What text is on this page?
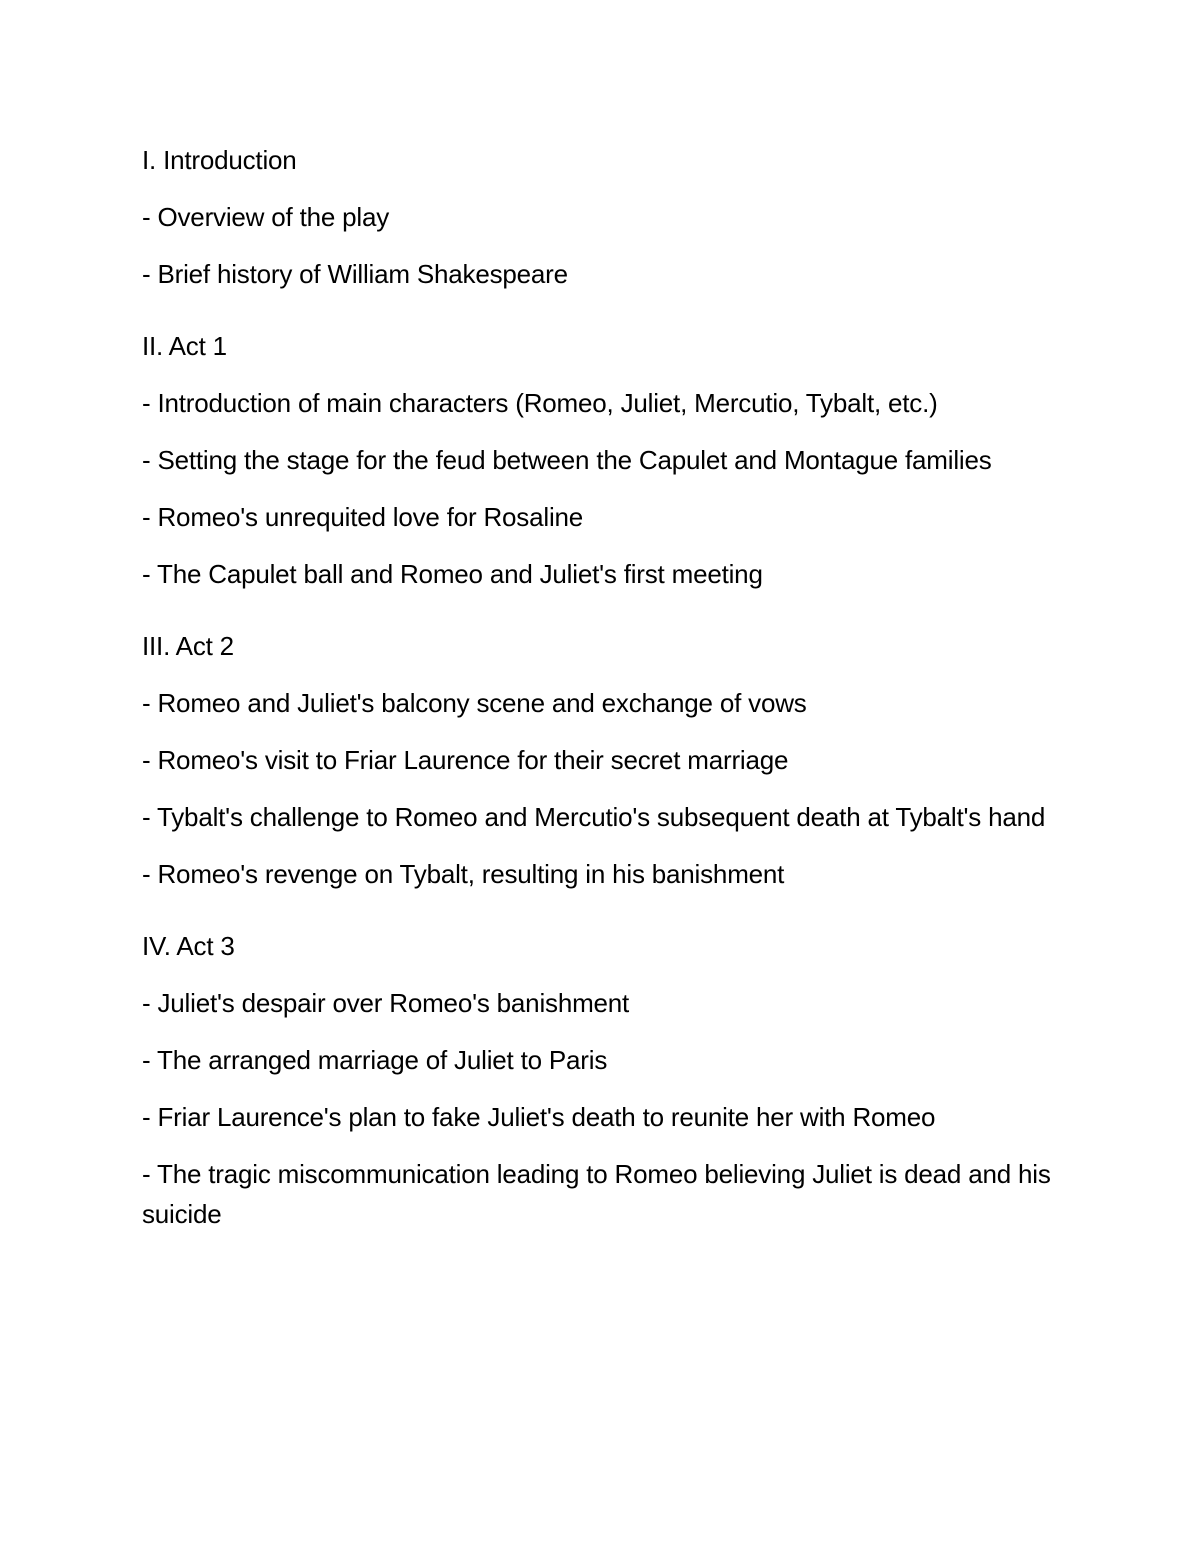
I. Introduction
- Overview of the play
- Brief history of William Shakespeare
II. Act 1
- Introduction of main characters (Romeo, Juliet, Mercutio, Tybalt, etc.)
- Setting the stage for the feud between the Capulet and Montague families
- Romeo's unrequited love for Rosaline
- The Capulet ball and Romeo and Juliet's first meeting
III. Act 2
- Romeo and Juliet's balcony scene and exchange of vows
- Romeo's visit to Friar Laurence for their secret marriage
- Tybalt's challenge to Romeo and Mercutio's subsequent death at Tybalt's hand
- Romeo's revenge on Tybalt, resulting in his banishment
IV. Act 3
- Juliet's despair over Romeo's banishment
- The arranged marriage of Juliet to Paris
- Friar Laurence's plan to fake Juliet's death to reunite her with Romeo
- The tragic miscommunication leading to Romeo believing Juliet is dead and his suicide
